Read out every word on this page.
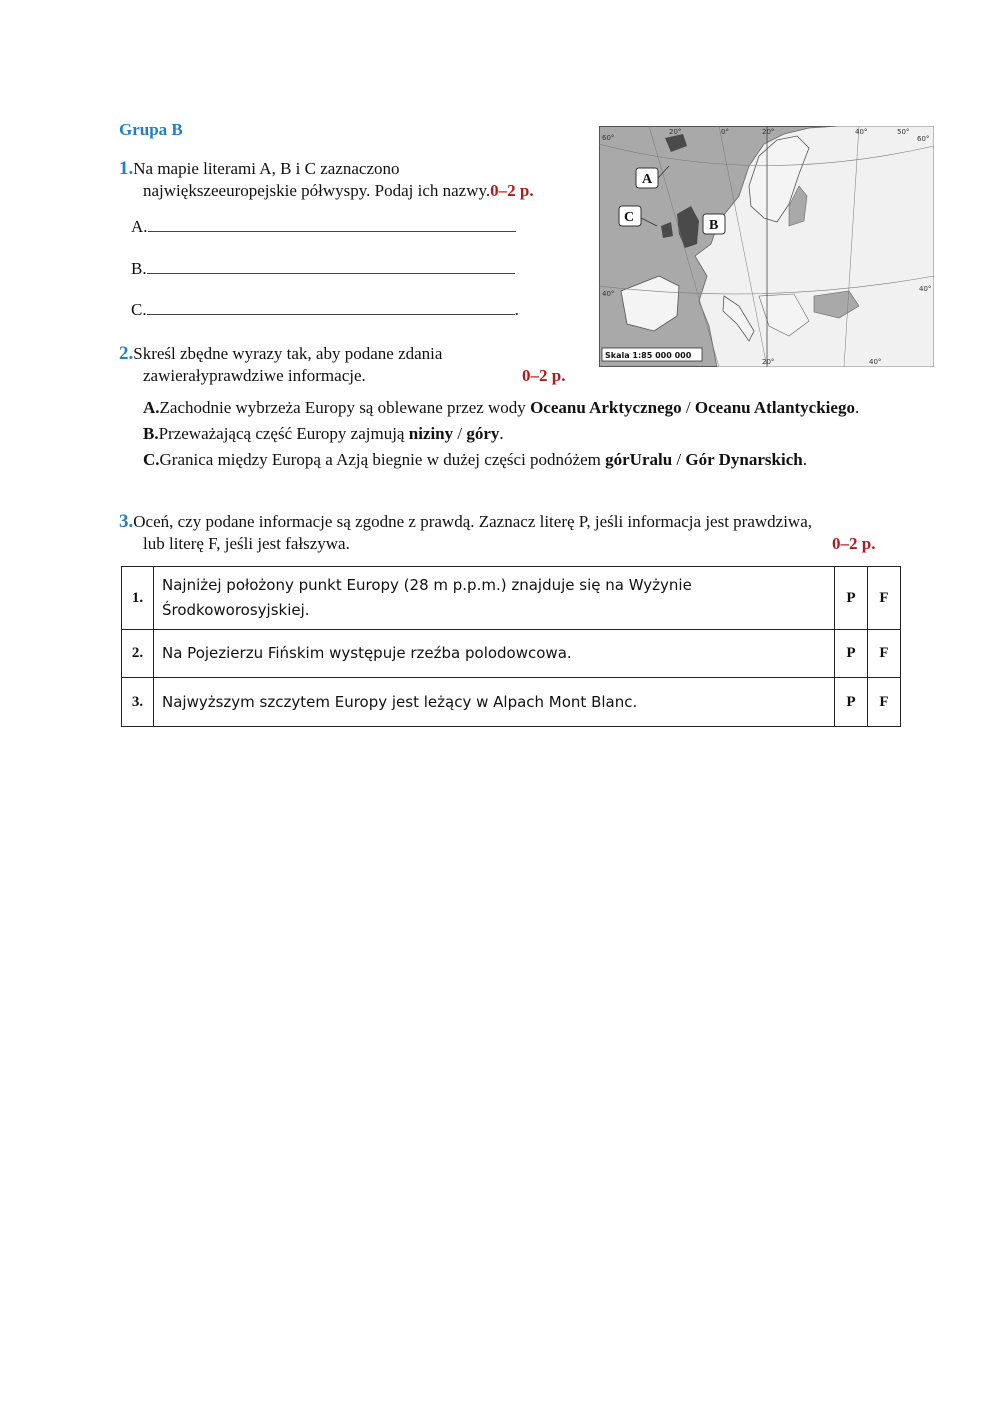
Grupa B
1.Na mapie literami A, B i C zaznaczono
największeeuropejskie półwyspy. Podaj ich nazwy.0–2 p.
A.
B.
C.	.
60°
40°
40°
60°
20°	0°	20°	40°
20°	40°
50°
A
B
C
Skala 1:85 000 000
2.Skreśl zbędne wyrazy tak, aby podane zdania
zawierałyprawdziwe informacje.	0–2 p.
A.Zachodnie wybrzeża Europy są oblewane przez wody Oceanu Arktycznego / Oceanu Atlantyckiego.
B.Przeważającą część Europy zajmują niziny / góry.
C.Granica między Europą a Azją biegnie w dużej części podnóżem górUralu / Gór Dynarskich.
3.Oceń, czy podane informacje są zgodne z prawdą. Zaznacz literę P, jeśli informacja jest prawdziwa,
lub literę F, jeśli jest fałszywa.	0–2 p.
1.	Najniżej położony punkt Europy (28 m p.p.m.) znajduje się na Wyżynie
Środkoworosyjskiej.	P	F
2.	Na Pojezierzu Fińskim występuje rzeźba polodowcowa.	P	F
3.	Najwyższym szczytem Europy jest leżący w Alpach Mont Blanc.	P	F
